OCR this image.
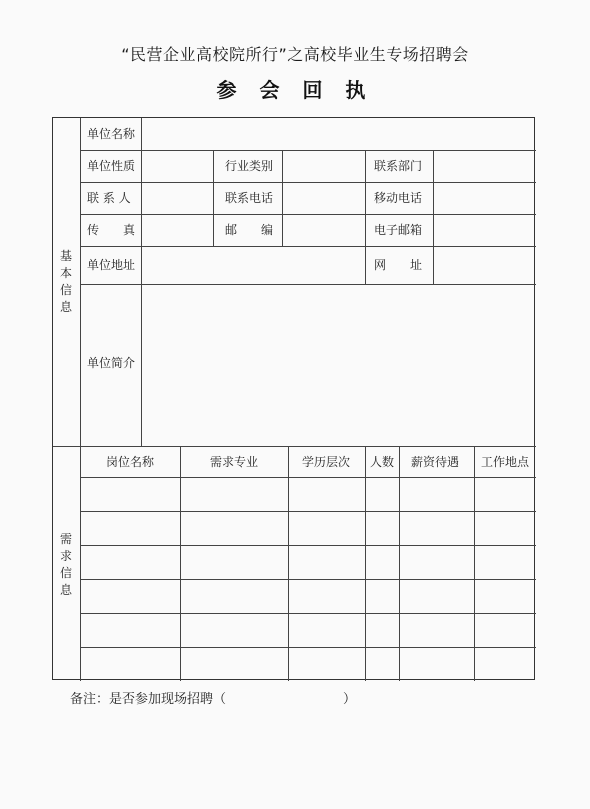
“民营企业高校院所行”之高校毕业生专场招聘会
参 会 回 执
基本信息
需求信息
单位名称
单位性质	行业类别	联系部门
联 系 人	联系电话	移动电话
传　　真	邮　　编	电子邮箱
单位地址	网　　址
单位简介
岗位名称	需求专业	学历层次 人数 薪资待遇 工作地点
备注：是否参加现场招聘（　　　　　　　　　）
